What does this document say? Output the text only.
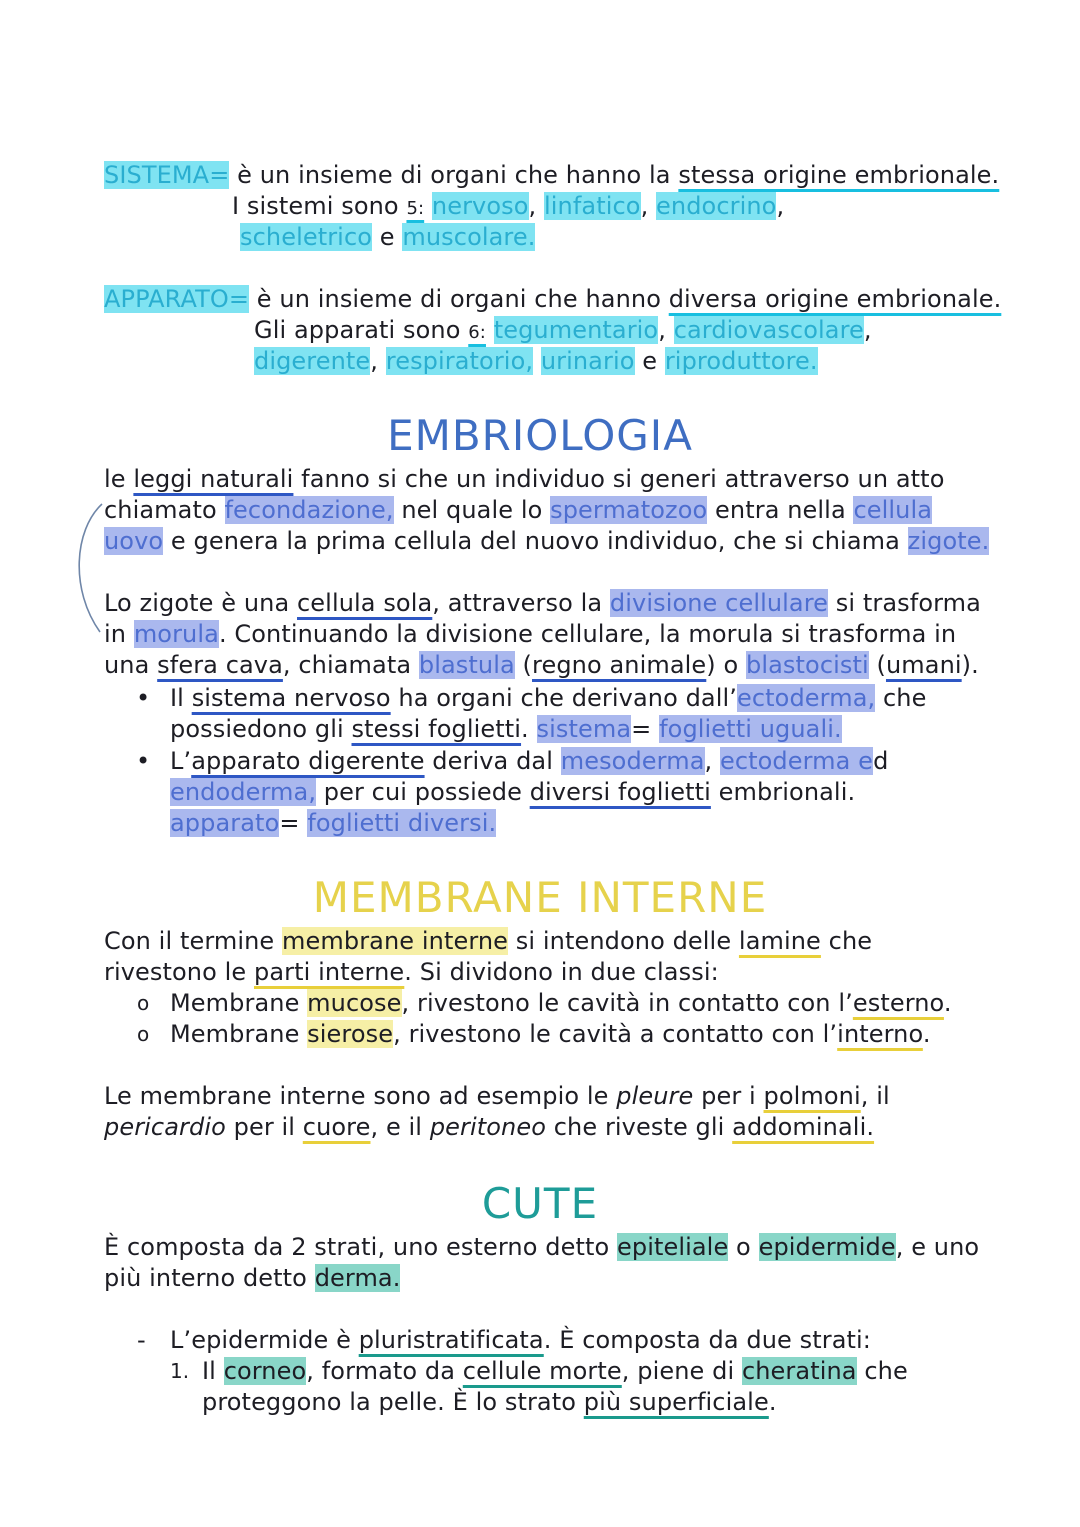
SISTEMA= è un insieme di organi che hanno la stessa origine embrionale.
I sistemi sono 5: nervoso, linfatico, endocrino,
scheletrico e muscolare.
APPARATO= è un insieme di organi che hanno diversa origine embrionale.
Gli apparati sono 6: tegumentario, cardiovascolare,
digerente, respiratorio, urinario e riproduttore.
EMBRIOLOGIA
le leggi naturali fanno si che un individuo si generi attraverso un atto
chiamato fecondazione, nel quale lo spermatozoo entra nella cellula
uovo e genera la prima cellula del nuovo individuo, che si chiama zigote.
Lo zigote è una cellula sola, attraverso la divisione cellulare si trasforma
in morula. Continuando la divisione cellulare, la morula si trasforma in
una sfera cava, chiamata blastula (regno animale) o blastocisti (umani).
• Il sistema nervoso ha organi che derivano dall’ectoderma, che
possiedono gli stessi foglietti. sistema= foglietti uguali.
• L’apparato digerente deriva dal mesoderma, ectoderma ed
endoderma, per cui possiede diversi foglietti embrionali.
apparato= foglietti diversi.
MEMBRANE INTERNE
Con il termine membrane interne si intendono delle lamine che
rivestono le parti interne. Si dividono in due classi:
o Membrane mucose, rivestono le cavità in contatto con l’esterno.
o Membrane sierose, rivestono le cavità a contatto con l’interno.
Le membrane interne sono ad esempio le pleure per i polmoni, il
pericardio per il cuore, e il peritoneo che riveste gli addominali.
CUTE
È composta da 2 strati, uno esterno detto epiteliale o epidermide, e uno
più interno detto derma.
- L’epidermide è pluristratificata. È composta da due strati:
1. Il corneo, formato da cellule morte, piene di cheratina che
proteggono la pelle. È lo strato più superficiale.
